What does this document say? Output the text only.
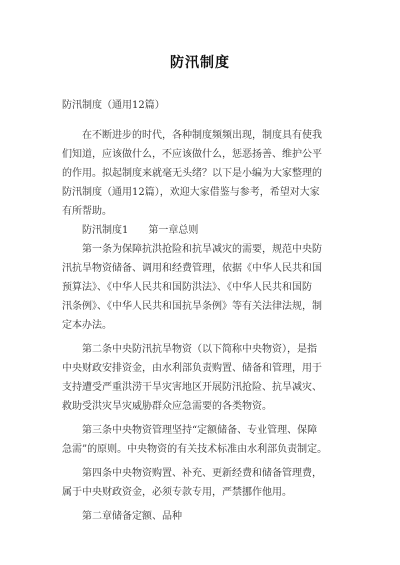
防汛制度
防汛制度（通用12篇）
　　在不断进步的时代，各种制度频频出现，制度具有使我
们知道，应该做什么，不应该做什么，惩恶扬善、维护公平
的作用。拟起制度来就毫无头绪？以下是小编为大家整理的
防汛制度（通用12篇），欢迎大家借鉴与参考，希望对大家
有所帮助。
　　防汛制度1　　第一章总则
　　第一条为保障抗洪抢险和抗旱减灾的需要，规范中央防
汛抗旱物资储备、调用和经费管理，依据《中华人民共和国
预算法》、《中华人民共和国防洪法》、《中华人民共和国防
汛条例》、《中华人民共和国抗旱条例》等有关法律法规，制
定本办法。
　　第二条中央防汛抗旱物资（以下简称中央物资），是指
中央财政安排资金，由水利部负责购置、储备和管理，用于
支持遭受严重洪涝干旱灾害地区开展防汛抢险、抗旱减灾、
救助受洪灾旱灾威胁群众应急需要的各类物资。
　　第三条中央物资管理坚持“定额储备、专业管理、保障
急需”的原则。中央物资的有关技术标准由水利部负责制定。
　　第四条中央物资购置、补充、更新经费和储备管理费，
属于中央财政资金，必须专款专用，严禁挪作他用。
　　第二章储备定额、品种
